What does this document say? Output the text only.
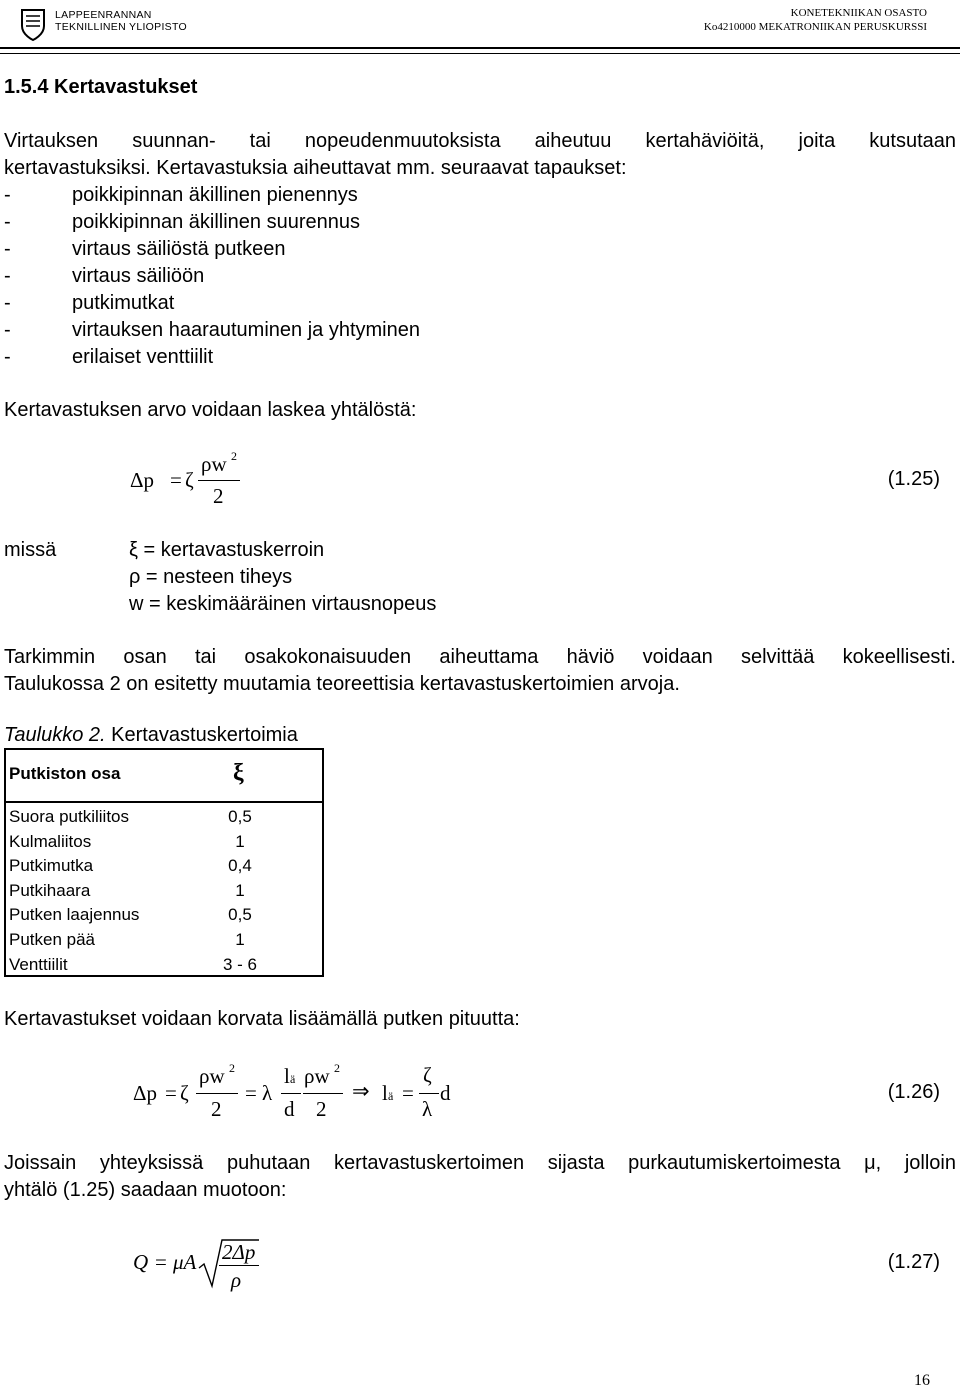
LAPPEENRANNAN
TEKNILLINEN YLIOPISTO
KONETEKNIIKAN OSASTO
Ko4210000 MEKATRONIIKAN PERUSKURSSI
1.5.4 Kertavastukset
Virtauksen suunnan- tai nopeudenmuutoksista aiheutuu kertahäviöitä, joita kutsutaan
kertavastuksiksi. Kertavastuksia aiheuttavat mm. seuraavat tapaukset:
-	poikkipinnan äkillinen pienennys
-	poikkipinnan äkillinen suurennus
-	virtaus säiliöstä putkeen
-	virtaus säiliöön
-	putkimutkat
-	virtauksen haarautuminen ja yhtyminen
-	erilaiset venttiilit
Kertavastuksen arvo voidaan laskea yhtälöstä:
Δp = ζ
ρw 2
2
(1.25)
missä	ξ = kertavastuskerroin
ρ = nesteen tiheys
w = keskimääräinen virtausnopeus
Tarkimmin osan tai osakokonaisuuden aiheuttama häviö voidaan selvittää kokeellisesti.
Taulukossa 2 on esitetty muutamia teoreettisia kertavastuskertoimien arvoja.
Taulukko 2. Kertavastuskertoimia
Putkiston osa	ξ
Suora putkiliitos	0,5
Kulmaliitos	1
Putkimutka	0,4
Putkihaara	1
Putken laajennus	0,5
Putken pää	1
Venttiilit	3 - 6
Kertavastukset voidaan korvata lisäämällä putken pituutta:
Δp = ζ
ρw 2
2
= λ
l ä
d
ρw 2
2
⇒ l ä =
ζ
λ
d	(1.26)
Joissain yhteyksissä puhutaan kertavastuskertoimen sijasta purkautumiskertoimesta μ, jolloin
yhtälö (1.25) saadaan muotoon:
Q = μA 2Δp
ρ
(1.27)
16
